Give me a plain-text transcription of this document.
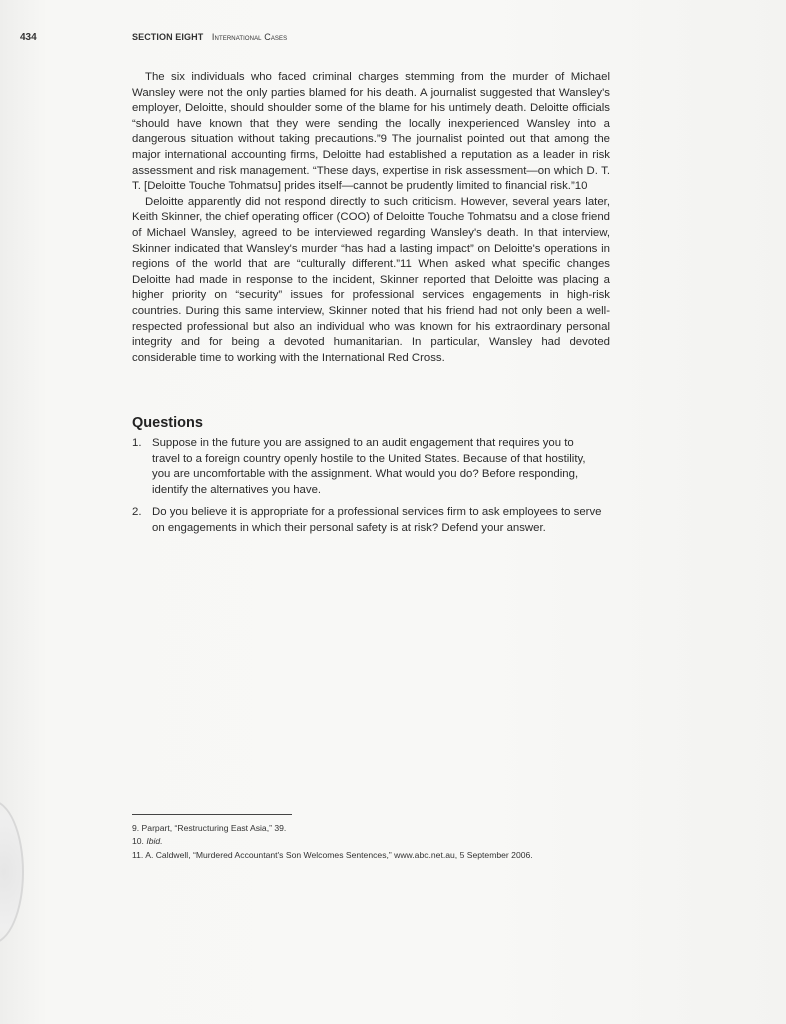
434	SECTION EIGHT International Cases

The six individuals who faced criminal charges stemming from the murder of Michael Wansley were not the only parties blamed for his death. A journalist suggested that Wansley's employer, Deloitte, should shoulder some of the blame for his untimely death. Deloitte officials “should have known that they were sending the locally inexperienced Wansley into a dangerous situation without taking precautions.”9 The journalist pointed out that among the major international accounting firms, Deloitte had established a reputation as a leader in risk assessment and risk management. “These days, expertise in risk assessment—on which D. T. T. [Deloitte Touche Tohmatsu] prides itself—cannot be prudently limited to financial risk.”10

Deloitte apparently did not respond directly to such criticism. However, several years later, Keith Skinner, the chief operating officer (COO) of Deloitte Touche Tohmatsu and a close friend of Michael Wansley, agreed to be interviewed regarding Wansley's death. In that interview, Skinner indicated that Wansley's murder “has had a lasting impact” on Deloitte's operations in regions of the world that are “culturally different.”11 When asked what specific changes Deloitte had made in response to the incident, Skinner reported that Deloitte was placing a higher priority on “security” issues for professional services engagements in high-risk countries. During this same interview, Skinner noted that his friend had not only been a well-respected professional but also an individual who was known for his extraordinary personal integrity and for being a devoted humanitarian. In particular, Wansley had devoted considerable time to working with the International Red Cross.

Questions
1. Suppose in the future you are assigned to an audit engagement that requires you to travel to a foreign country openly hostile to the United States. Because of that hostility, you are uncomfortable with the assignment. What would you do? Before responding, identify the alternatives you have.
2. Do you believe it is appropriate for a professional services firm to ask employees to serve on engagements in which their personal safety is at risk? Defend your answer.
9. Parpart, “Restructuring East Asia,” 39.
10. Ibid.
11. A. Caldwell, “Murdered Accountant's Son Welcomes Sentences,” www.abc.net.au, 5 September 2006.
